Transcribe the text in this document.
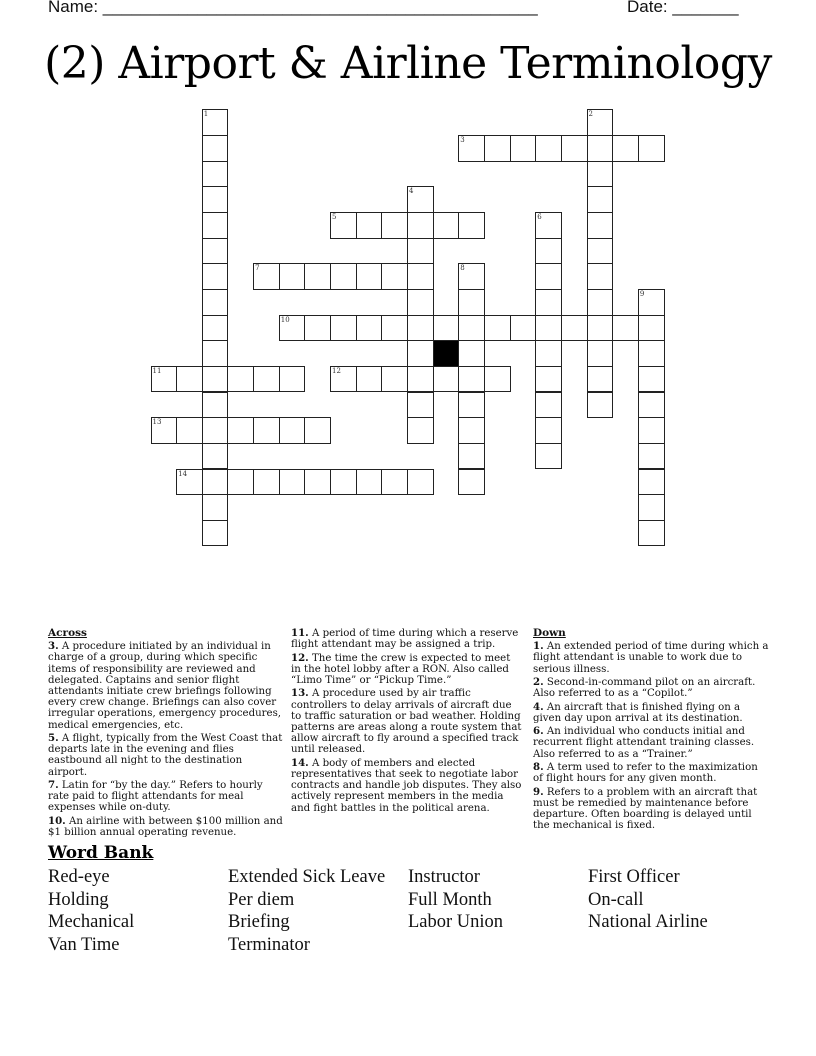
Name: ______________________________________________	Date: _______
(2) Airport & Airline Terminology
1	2
3
4
5	6
7	8
9
10
11	12
13
14
Across
3. A procedure initiated by an individual in charge of a group, during which specific items of responsibility are reviewed and delegated. Captains and senior flight attendants initiate crew briefings following every crew change. Briefings can also cover irregular operations, emergency procedures, medical emergencies, etc.
5. A flight, typically from the West Coast that departs late in the evening and flies eastbound all night to the destination airport.
7. Latin for “by the day.” Refers to hourly rate paid to flight attendants for meal expenses while on-duty.
10. An airline with between $100 million and $1 billion annual operating revenue.
11. A period of time during which a reserve flight attendant may be assigned a trip.
12. The time the crew is expected to meet in the hotel lobby after a RON. Also called “Limo Time” or “Pickup Time.”
13. A procedure used by air traffic controllers to delay arrivals of aircraft due to traffic saturation or bad weather. Holding patterns are areas along a route system that allow aircraft to fly around a specified track until released.
14. A body of members and elected representatives that seek to negotiate labor contracts and handle job disputes. They also actively represent members in the media and fight battles in the political arena.
Down
1. An extended period of time during which a flight attendant is unable to work due to serious illness.
2. Second-in-command pilot on an aircraft. Also referred to as a “Copilot.”
4. An aircraft that is finished flying on a given day upon arrival at its destination.
6. An individual who conducts initial and recurrent flight attendant training classes. Also referred to as a “Trainer.”
8. A term used to refer to the maximization of flight hours for any given month.
9. Refers to a problem with an aircraft that must be remedied by maintenance before departure. Often boarding is delayed until the mechanical is fixed.
Word Bank
Red-eye	Extended Sick Leave	Instructor	First Officer
Holding	Per diem	Full Month	On-call
Mechanical	Briefing	Labor Union	National Airline
Van Time	Terminator
